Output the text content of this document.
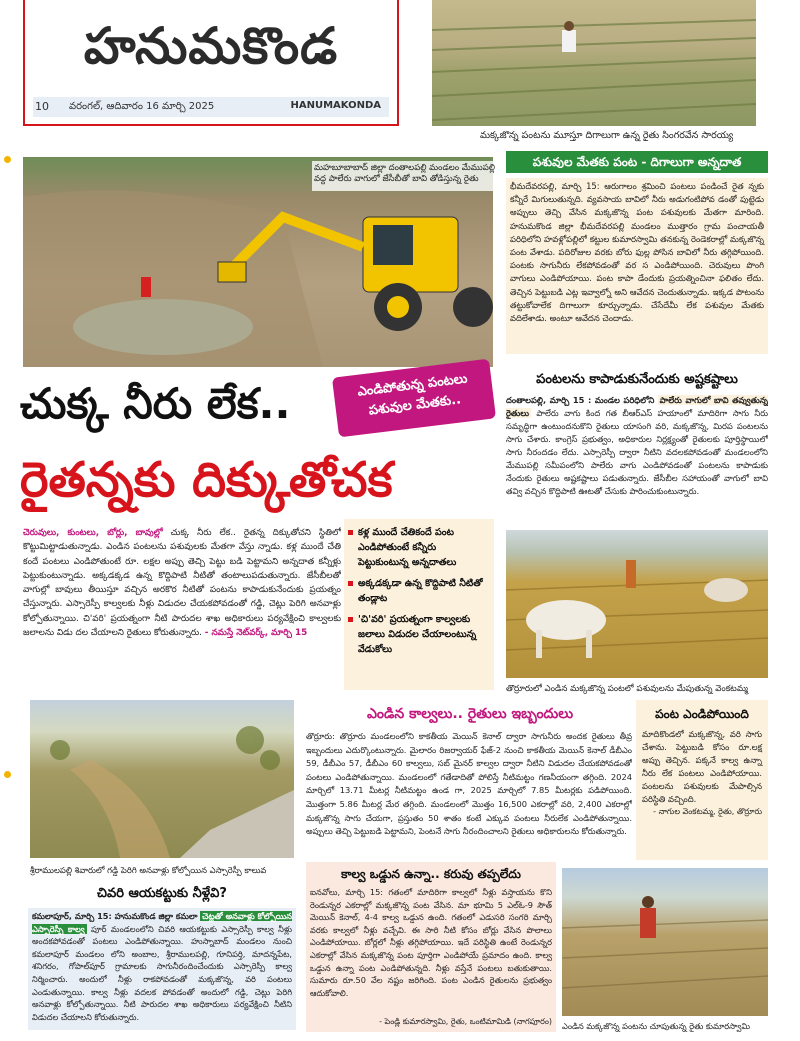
హనుమకొండ
10 వరంగల్, ఆదివారం 16 మార్చి 2025	HANUMAKONDA
మక్కజొన్న పంటను మూస్తూ దిగాలుగా ఉన్న రైతు సింగరవేన సారయ్య
మహబూబాబాద్ జిల్లా దంతాలపల్లి మండలం మేముపల్లి వద్ద పాలేరు వాగులో జేసీబీతో బావి తోడిస్తున్న రైతు
చుక్క నీరు లేక..
రైతన్నకు దిక్కుతోచక
ఎండిపోతున్న పంటలు
పశువుల మేతకు..
చెరువులు, కుంటలు, బోర్లు, బావుల్లో చుక్క నీరు లేక.. రైతన్న దిక్కుతోచని స్థితిలో కొట్టుమిట్టాడుతున్నాడు. ఎండిన పంటలను పశువులకు మేతగా వేస్తు న్నాడు. కళ్ల ముందే చేతి కందే పంటలు ఎండిపోతుంటే రూ. లక్షల అప్పు తెచ్చి పెట్టు బడి పెట్టామని అన్నదాత కన్నీళ్లు పెట్టుకుంటున్నాడు. అక్కడక్కడ ఉన్న కొద్దిపాటి నీటితో తంటాలుపడుతున్నారు. జేసీబీలతో వాగుల్లో బావులు తీయిస్తూ వచ్చిన అరకొర నీటితో పంటను కాపాడుకునేందుకు ప్రయత్నం చేస్తున్నారు. ఎస్సారెస్పీ కాల్వలకు నీళ్లు విడుదల చేయకపోవడంతో గడ్డి, చెట్లు పెరిగి అనవాళ్లు కోల్పోతున్నాయి. చి'వరి' ప్రయత్నంగా నీటి పారుదల శాఖ అధికారులు పర్యవేక్షించి కాల్వలకు జలాలను విడు దల చేయాలని రైతులు కోరుతున్నారు. - నమస్తే నెట్‌వర్క్, మార్చి 15
కళ్ల ముందే చేతికందే పంట ఎండిపోతుంటే కన్నీరు పెట్టుకుంటున్న అన్నదాతలు
అక్కడక్కడా ఉన్న కొద్దిపాటి నీటితో తండ్లాట
'చి'వరి' ప్రయత్నంగా కాల్వలకు జలాలు విడుదల చేయాలంటున్న వేడుకోలు
పశువుల మేతకు పంట - దిగాలుగా అన్నదాత
భీమదేవరపల్లి, మార్చి 15: ఆరుగాలం శ్రమించి పంటలు పండించే రైత న్నకు కన్నీరే మిగులుతున్నది. వ్యవసాయ బావిలో నీరు అడుగంటిపోవ డంతో పుట్టెడు అప్పులు తెచ్చి వేసిన మక్కజొన్న పంట పశువులకు మేతగా మారింది. హనుమకొండ జిల్లా భీమదేవరపల్లి మండలం ముత్తారం గ్రామ పంచాయతీ పరిధిలోని హవళ్లోపల్లిలో కట్టుల కుమారస్వామి తనకున్న రెండెకరాల్లో మక్కజొన్న పంట వేశాడు. పదిరోజుల వరకు బోరు ఫుల్ల పోసిన బావిలో నీరు తగ్గిపోయింది. పంటకు సాగునీరు లేకపోవడంతో వర స ఎండిపోయింది. చెరువులు పొంగి వాగులు ఎండిపోయాయి. పంట కాపా డేందుకు ప్రయత్నించినా ఫలితం లేదు. తెచ్చిన పెట్టుబడి ఎట్ల ఇవ్వాల్నో అని ఆవేదన చెందుతున్నాడు. ఇక్కడ పొటంను తట్టుకోవాలేక దిగాలుగా కూర్చున్నాడు. చేసేదేమీ లేక పశువుల మేతకు వదిలేశాడు. అంటూ ఆవేదన చెందాడు.
పంటలను కాపాడుకునేందుకు అష్టకష్టాలు
దంతాలపల్లి, మార్చి 15 : మండల పరిధిలోని పాలేరు వాగులో బావి తవ్వుతున్న రైతులు పాలేరు వాగు కింద గత బీఆర్‌ఎస్ హయాంలో మాదిరిగా సాగు నీరు సమృద్ధిగా ఉంటుందనుకొని రైతులు యాసంగి వరి, మక్కజొన్న, మిరప పంటలను సాగు చేశారు. కాంగ్రెస్ ప్రభుత్వం, అధికారుల నిర్లక్ష్యంతో రైతులకు పూర్తిస్థాయిలో సాగు నీరందడం లేదు. ఎస్సారెస్పీ ద్వారా నీటిని వదలకపోవడంతో మండలంలోని మేముపల్లి సమీపంలోని పాలేరు వాగు ఎండిపోవడంతో పంటలను కాపాడుకు నేందుకు రైతులు అష్టకష్టాలు పడుతున్నారు. జేసీబీల సహాయంతో వాగులో బావి తవ్వి వచ్చిన కొద్దిపాటి ఊటతో చేసుకు పారించుకుంటున్నారు.
తొర్రూరులో ఎండిన మక్కజొన్న పంటలో పశువులను మేపుతున్న వెంకటమ్మ
శ్రీరాములపల్లి శివారులో గడ్డి పెరిగి అనవాళ్లు కోల్పోయిన ఎస్సారెస్పీ కాలువ
ఎండిన కాల్వలు.. రైతులు ఇబ్బందులు
తొర్రూరు: తొర్రూరు మండలంలోని కాకతీయ మెయిన్ కెనాల్ ద్వారా సాగునీరు అందక రైతులు తీవ్ర ఇబ్బందులు ఎదుర్కొంటున్నారు. మైలారం రిజర్వాయర్ ఫేజ్-2 నుంచి కాకతీయ మెయిన్ కెనాల్ డీబీఎం 59, డీబీఎం 57, డీబీఎం 60 కాల్వలు, సబ్ మైనర్ కాల్వల ద్వారా నీటిని విడుదల చేయకపోవడంతో పంటలు ఎండిపోతున్నాయి. మండలంలో గతేడాదితో పోలిస్తే నీటిమట్టం గణనీయంగా తగ్గింది. 2024 మార్చిలో 13.71 మీటర్ల నీటిమట్టం ఉండ గా, 2025 మార్చిలో 7.85 మీటర్లకు పడిపోయింది. మొత్తంగా 5.86 మీటర్ల మేర తగ్గింది. మండలంలో మొత్తం 16,500 ఎకరాల్లో వరి, 2,400 ఎకరాల్లో మక్కజొన్న సాగు చేయగా, ప్రస్తుతం 50 శాతం కంటే ఎక్కువ పంటలు నీరులేక ఎండిపోతున్నాయి. అప్పులు తెచ్చి పెట్టుబడి పెట్టామని, పెంటనే సాగు నీరందించాలని రైతులు అధికారులను కోరుతున్నారు.
పంట ఎండిపోయింది
మాదికొండలో మక్కజొన్న, వరి సాగు చేశాను. పెట్టుబడి కోసం రూ.లక్ష అప్పు తెచ్చిన. పక్కనే కాల్వ ఉన్నా నీరు లేక పంటలు ఎండిపోయాయి. పంటలను పశువులకు మేపాల్సిన పరిస్థితి వచ్చింది.
- నాగుల వెంకటమ్మ, రైతు, తొర్రూరు
చివరి ఆయకట్టుకు నీళ్లేవి?
కమలాపూర్, మార్చి 15: హనుమకొండ జిల్లా కమలా చెట్లతో అనవాళ్లు కోల్పోయిన ఎస్సారెస్పీ కాల్వ పూర్ మండలంలోని చివరి ఆయకట్టుకు ఎస్సారెస్పీ కాల్వ నీళ్లు అందకపోవడంతో పంటలు ఎండిపోతున్నాయి. హుస్నాబాద్ మండలం నుంచి కమలాపూర్ మండలం లోని అంబాల, శ్రీరాములపల్లి, గూనిపర్తి, మాదన్నపేట, శనిగరం, గోపాల్‌పూర్ గ్రామాలకు సాగునీరందించేందుకు ఎస్సారెస్పీ కాల్వ నిర్మించారు. అందులో నీళ్లు రాకపోవడంతో మక్కజొన్న, వరి పంటలు ఎండుతున్నాయి. కాల్వ నీళ్లు వదలక పోవడంతో అందులో గడ్డి, చెట్లు పెరిగి అనవాళ్లు కోల్పోతున్నాయి. నీటి పారుదల శాఖ అధికారులు పర్యవేక్షించి నీటిని విడుదల చేయాలని కోరుతున్నారు.
కాల్వ ఒడ్డున ఉన్నా.. కరువు తప్పలేదు
ఐనవోలు, మార్చి 15: గతంలో మాదిరిగా కాల్వలో నీళ్లు వస్తాయను కొని రెండున్నర ఎకరాల్లో మక్కజొన్న పంట వేసిన. మా భూమి 5 ఎల్ఓ-9 సౌత్ మెయిన్ కెనాల్, 4-4 కాల్వ ఒడ్డున ఉంది. గతంలో ఎడుసరి సంగరి మార్చి వరకు కాల్వలో నీళ్లు వచ్చేవి. ఈ సారి నీటి కోసం బోర్లు వేసిన పొలాలు ఎండిపోయాయి. బోర్లలో నీళ్లు తగ్గిపోయాయి. ఇదే పరిస్థితి ఉంటే రెండున్నర ఎకరాల్లో వేసిన మక్కజొన్న పంట పూర్తిగా ఎండిపోయే ప్రమాదం ఉంది. కాల్వ ఒడ్డున ఉన్నా పంట ఎండిపోతున్నది. నీళ్లు వస్తేనే పంటలు బతుకుతాయి. సుమారు రూ.50 వేల నష్టం జరిగింది. పంట ఎండిన రైతులను ప్రభుత్వం ఆదుకోవాలి.
- పెండ్లి కుమారస్వామి, రైతు, ఒంటిమామిడి (నాగపూరం) ఎండిన మక్కజొన్న పంటను చూపుతున్న రైతు కుమారస్వామి
